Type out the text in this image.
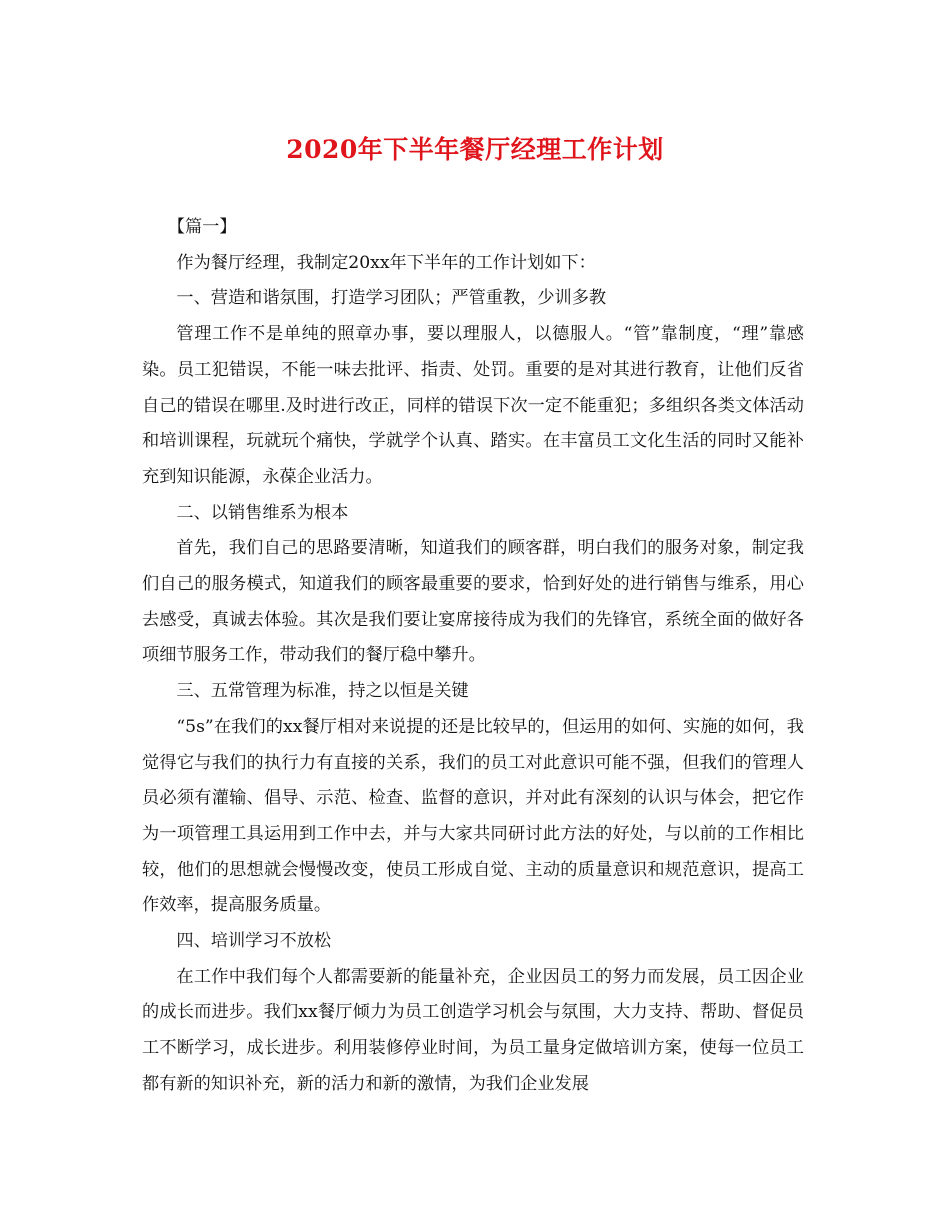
2020年下半年餐厅经理工作计划

【篇一】

作为餐厅经理，我制定20xx年下半年的工作计划如下：

一、营造和谐氛围，打造学习团队；严管重教，少训多教

管理工作不是单纯的照章办事，要以理服人，以德服人。“管”靠制度，“理”靠感染。员工犯错误，不能一味去批评、指责、处罚。重要的是对其进行教育，让他们反省自己的错误在哪里.及时进行改正，同样的错误下次一定不能重犯；多组织各类文体活动和培训课程，玩就玩个痛快，学就学个认真、踏实。在丰富员工文化生活的同时又能补充到知识能源，永葆企业活力。

二、以销售维系为根本

首先，我们自己的思路要清晰，知道我们的顾客群，明白我们的服务对象，制定我们自己的服务模式，知道我们的顾客最重要的要求，恰到好处的进行销售与维系，用心去感受，真诚去体验。其次是我们要让宴席接待成为我们的先锋官，系统全面的做好各项细节服务工作，带动我们的餐厅稳中攀升。

三、五常管理为标准，持之以恒是关键

“5s”在我们的xx餐厅相对来说提的还是比较早的，但运用的如何、实施的如何，我觉得它与我们的执行力有直接的关系，我们的员工对此意识可能不强，但我们的管理人员必须有灌输、倡导、示范、检查、监督的意识，并对此有深刻的认识与体会，把它作为一项管理工具运用到工作中去，并与大家共同研讨此方法的好处，与以前的工作相比较，他们的思想就会慢慢改变，使员工形成自觉、主动的质量意识和规范意识，提高工作效率，提高服务质量。

四、培训学习不放松

在工作中我们每个人都需要新的能量补充，企业因员工的努力而发展，员工因企业的成长而进步。我们xx餐厅倾力为员工创造学习机会与氛围，大力支持、帮助、督促员工不断学习，成长进步。利用装修停业时间，为员工量身定做培训方案，使每一位员工都有新的知识补充，新的活力和新的激情，为我们企业发展
